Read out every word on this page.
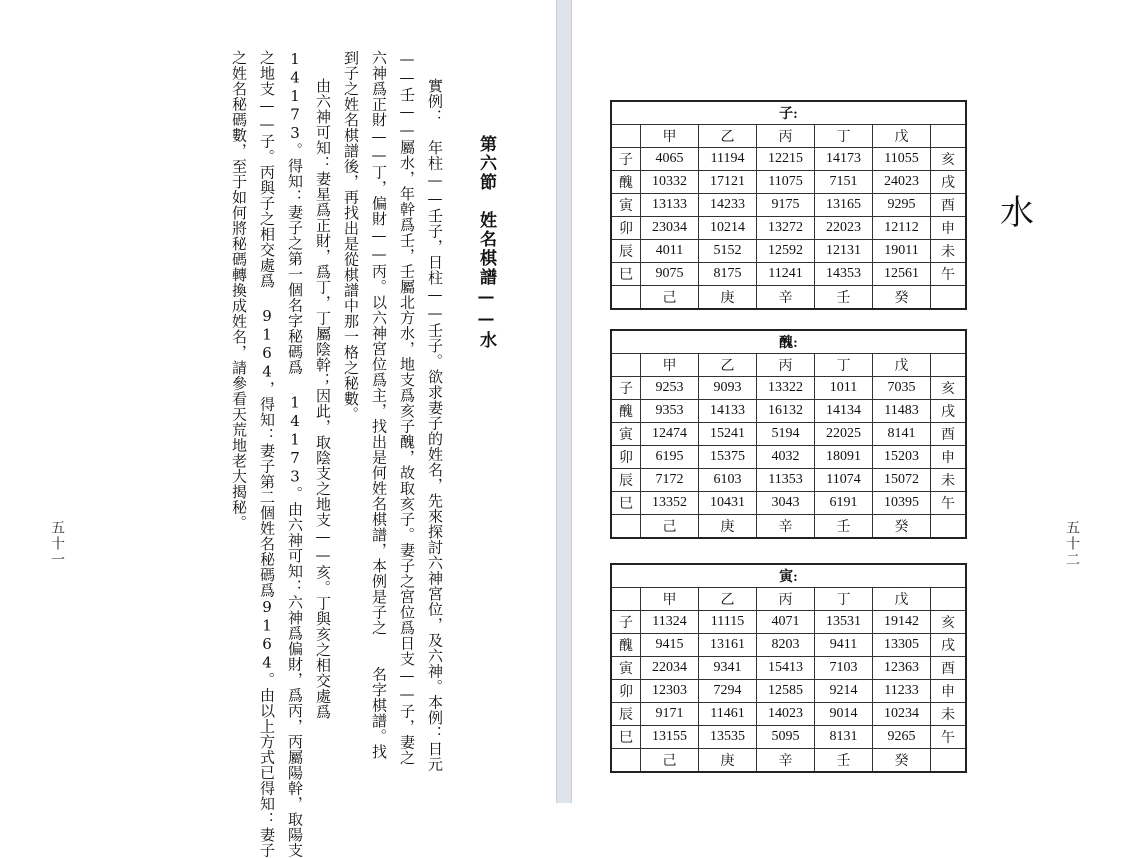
第六節　姓名棋譜——水
實例：　年柱——壬子，日柱——壬子。欲求妻子的姓名，先來探討六神宮位，及六神。本例：日元
——壬——屬水，年幹爲壬，壬屬北方水，地支爲亥子醜，故取亥子。妻子之宮位爲日支——子，妻之
六神爲正財——丁，偏財——丙。以六神宮位爲主，找出是何姓名棋譜，本例是子之　　名字棋譜。找
到子之姓名棋譜後，再找出是從棋譜中那一格之秘數。
由六神可知：妻星爲正財，爲丁，丁屬陰幹；因此，取陰支之地支——亥。丁與亥之相交處爲
14173。得知：妻子之第一個名字秘碼爲 14173。由六神可知：六神爲偏財，爲丙，丙屬陽幹，取陽支
之地支——子。丙與子之相交處爲 9164，得知：妻子第二個姓名秘碼爲9164。由以上方式已得知：妻子
之姓名秘碼數，至于如何將秘碼轉換成姓名，請參看天荒地老大揭秘。
五十一
水
五十二
子:						
	甲	乙	丙	丁	戊	
子	4065	11194	12215	14173	11055	亥
醜	10332	17121	11075	7151	24023	戌
寅	13133	14233	9175	13165	9295	酉
卯	23034	10214	13272	22023	12112	申
辰	4011	5152	12592	12131	19011	未
巳	9075	8175	11241	14353	12561	午
	己	庚	辛	壬	癸	
醜:						
	甲	乙	丙	丁	戊	
子	9253	9093	13322	1011	7035	亥
醜	9353	14133	16132	14134	11483	戌
寅	12474	15241	5194	22025	8141	酉
卯	6195	15375	4032	18091	15203	申
辰	7172	6103	11353	11074	15072	未
巳	13352	10431	3043	6191	10395	午
	己	庚	辛	壬	癸	
寅:						
	甲	乙	丙	丁	戊	
子	11324	11115	4071	13531	19142	亥
醜	9415	13161	8203	9411	13305	戌
寅	22034	9341	15413	7103	12363	酉
卯	12303	7294	12585	9214	11233	申
辰	9171	11461	14023	9014	10234	未
巳	13155	13535	5095	8131	9265	午
	己	庚	辛	壬	癸	
